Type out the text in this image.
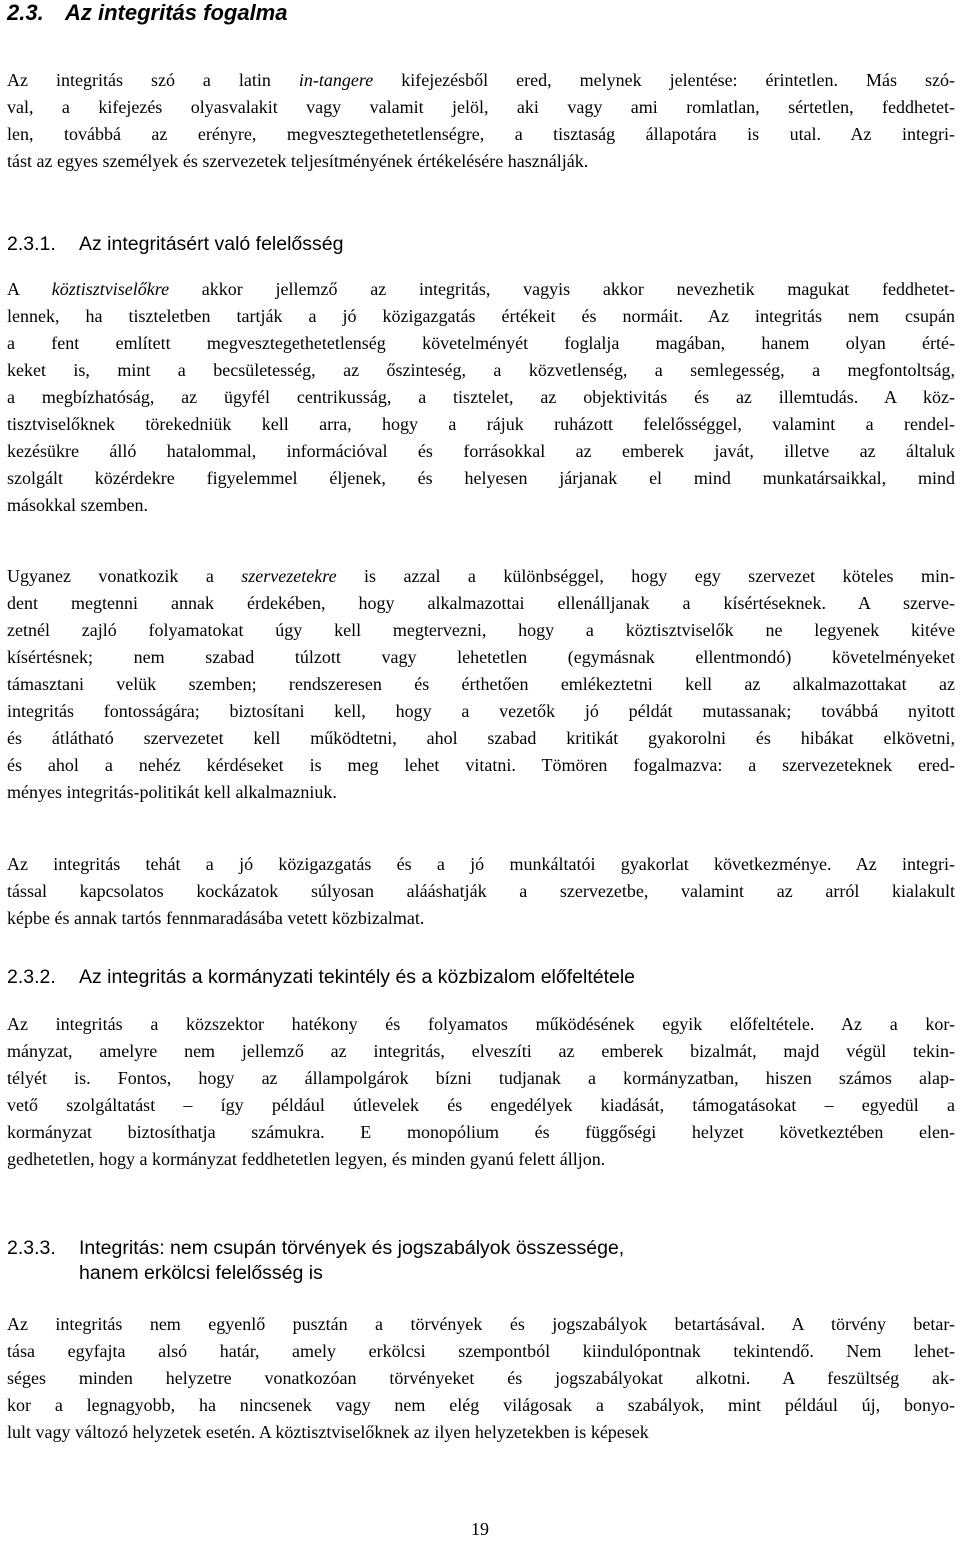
2.3. Az integritás fogalma
Az integritás szó a latin in-tangere kifejezésből ered, melynek jelentése: érintetlen. Más szó-
val, a kifejezés olyasvalakit vagy valamit jelöl, aki vagy ami romlatlan, sértetlen, feddhetet-
len, továbbá az erényre, megvesztegethetetlenségre, a tisztaság állapotára is utal. Az integri-
tást az egyes személyek és szervezetek teljesítményének értékelésére használják.
2.3.1. Az integritásért való felelősség
A köztisztviselőkre akkor jellemző az integritás, vagyis akkor nevezhetik magukat feddhetet-
lennek, ha tiszteletben tartják a jó közigazgatás értékeit és normáit. Az integritás nem csupán
a fent említett megvesztegethetetlenség követelményét foglalja magában, hanem olyan érté-
keket is, mint a becsületesség, az őszinteség, a közvetlenség, a semlegesség, a megfontoltság,
a megbízhatóság, az ügyfél centrikusság, a tisztelet, az objektivitás és az illemtudás. A köz-
tisztviselőknek törekedniük kell arra, hogy a rájuk ruházott felelősséggel, valamint a rendel-
kezésükre álló hatalommal, információval és forrásokkal az emberek javát, illetve az általuk
szolgált közérdekre figyelemmel éljenek, és helyesen járjanak el mind munkatársaikkal, mind
másokkal szemben.
Ugyanez vonatkozik a szervezetekre is azzal a különbséggel, hogy egy szervezet köteles min-
dent megtenni annak érdekében, hogy alkalmazottai ellenálljanak a kísértéseknek. A szerve-
zetnél zajló folyamatokat úgy kell megtervezni, hogy a köztisztviselők ne legyenek kitéve
kísértésnek; nem szabad túlzott vagy lehetetlen (egymásnak ellentmondó) követelményeket
támasztani velük szemben; rendszeresen és érthetően emlékeztetni kell az alkalmazottakat az
integritás fontosságára; biztosítani kell, hogy a vezetők jó példát mutassanak; továbbá nyitott
és átlátható szervezetet kell működtetni, ahol szabad kritikát gyakorolni és hibákat elkövetni,
és ahol a nehéz kérdéseket is meg lehet vitatni. Tömören fogalmazva: a szervezeteknek ered-
ményes integritás-politikát kell alkalmazniuk.
Az integritás tehát a jó közigazgatás és a jó munkáltatói gyakorlat következménye. Az integri-
tással kapcsolatos kockázatok súlyosan alááshatják a szervezetbe, valamint az arról kialakult
képbe és annak tartós fennmaradásába vetett közbizalmat.
2.3.2. Az integritás a kormányzati tekintély és a közbizalom előfeltétele
Az integritás a közszektor hatékony és folyamatos működésének egyik előfeltétele. Az a kor-
mányzat, amelyre nem jellemző az integritás, elveszíti az emberek bizalmát, majd végül tekin-
télyét is. Fontos, hogy az állampolgárok bízni tudjanak a kormányzatban, hiszen számos alap-
vető szolgáltatást – így például útlevelek és engedélyek kiadását, támogatásokat – egyedül a
kormányzat biztosíthatja számukra. E monopólium és függőségi helyzet következtében elen-
gedhetetlen, hogy a kormányzat feddhetetlen legyen, és minden gyanú felett álljon.
2.3.3. Integritás: nem csupán törvények és jogszabályok összessége,
hanem erkölcsi felelősség is
Az integritás nem egyenlő pusztán a törvények és jogszabályok betartásával. A törvény betar-
tása egyfajta alsó határ, amely erkölcsi szempontból kiindulópontnak tekintendő. Nem lehet-
séges minden helyzetre vonatkozóan törvényeket és jogszabályokat alkotni. A feszültség ak-
kor a legnagyobb, ha nincsenek vagy nem elég világosak a szabályok, mint például új, bonyo-
lult vagy változó helyzetek esetén. A köztisztviselőknek az ilyen helyzetekben is képesek
19
